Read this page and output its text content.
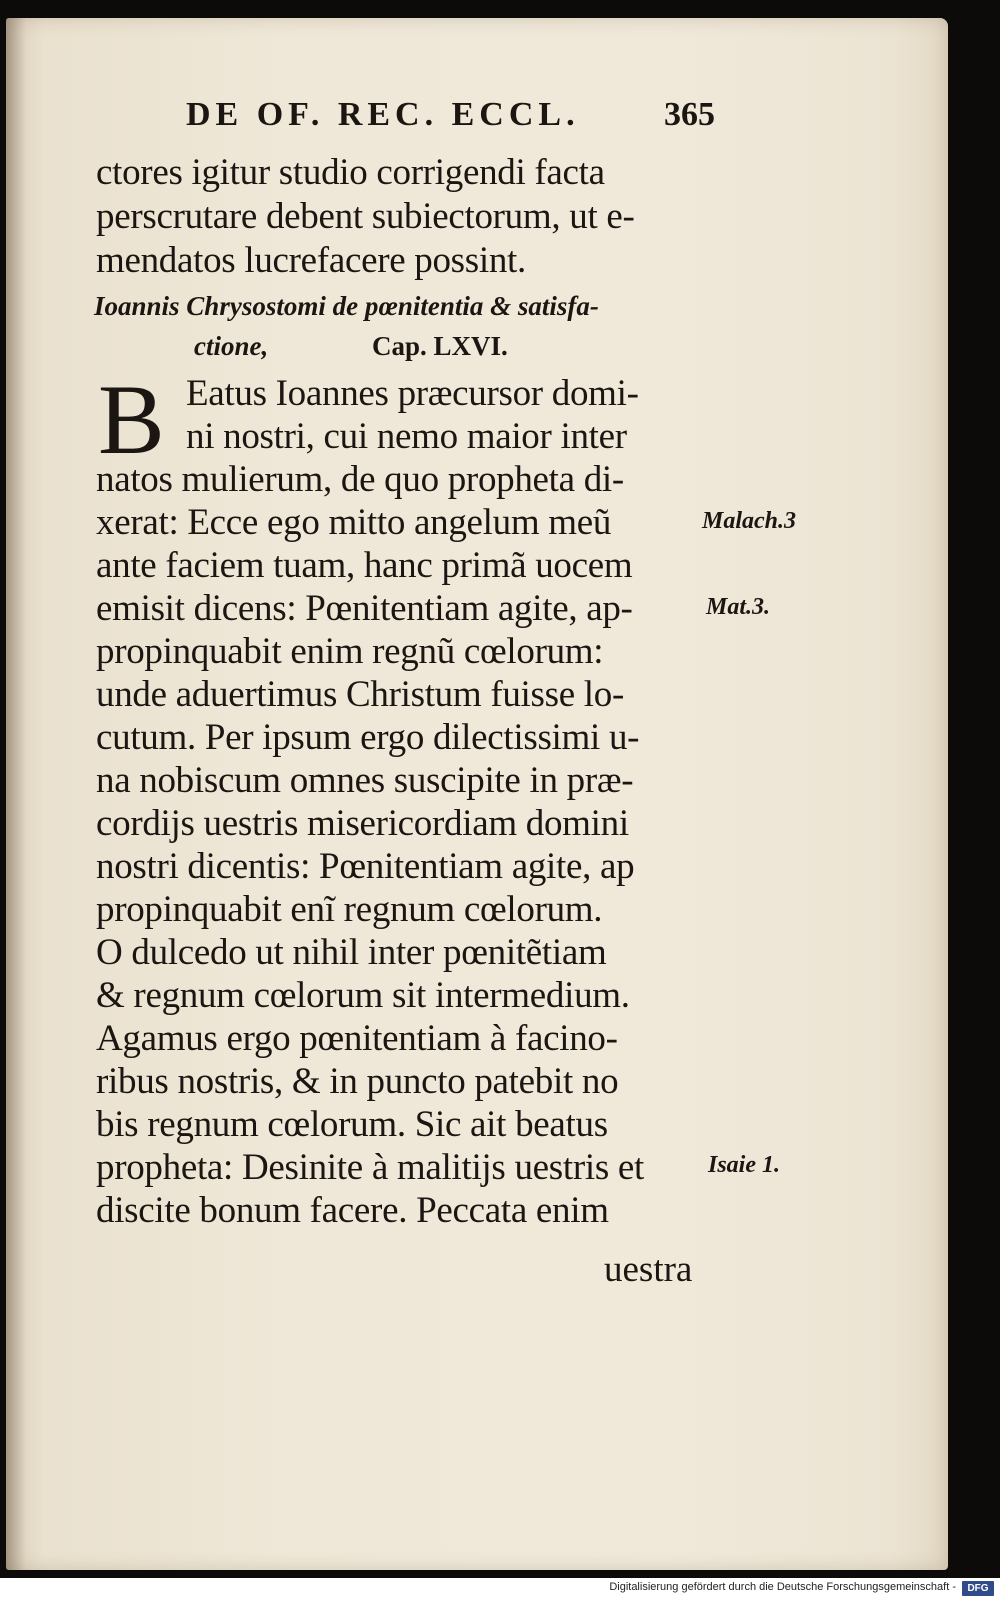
DE OF. REC. ECCL. 365
ctores igitur studio corrigendi facta
perscrutare debent subiectorum, ut e-
mendatos lucrefacere possint.
Ioannis Chrysostomi de pœnitentia & satisfa-
ctione,	Cap. LXVI.
B Eatus Ioannes præcursor domi-
ni nostri, cui nemo maior inter
natos mulierum, de quo propheta di-
xerat: Ecce ego mitto angelum meũ
ante faciem tuam, hanc primã uocem
emisit dicens: Pœnitentiam agite, ap-
propinquabit enim regnũ cœlorum:
unde aduertimus Christum fuisse lo-
cutum. Per ipsum ergo dilectissimi u-
na nobiscum omnes suscipite in præ-
cordijs uestris misericordiam domini
nostri dicentis: Pœnitentiam agite, ap
propinquabit enĩ regnum cœlorum.
O dulcedo ut nihil inter pœnitẽtiam
& regnum cœlorum sit intermedium.
Agamus ergo pœnitentiam à facino-
ribus nostris, & in puncto patebit no
bis regnum cœlorum. Sic ait beatus
propheta: Desinite à malitijs uestris et
discite bonum facere. Peccata enim
uestra
Malach.3
Mat.3.
Isaie 1.
Digitalisierung gefördert durch die Deutsche Forschungsgemeinschaft -	DFG
